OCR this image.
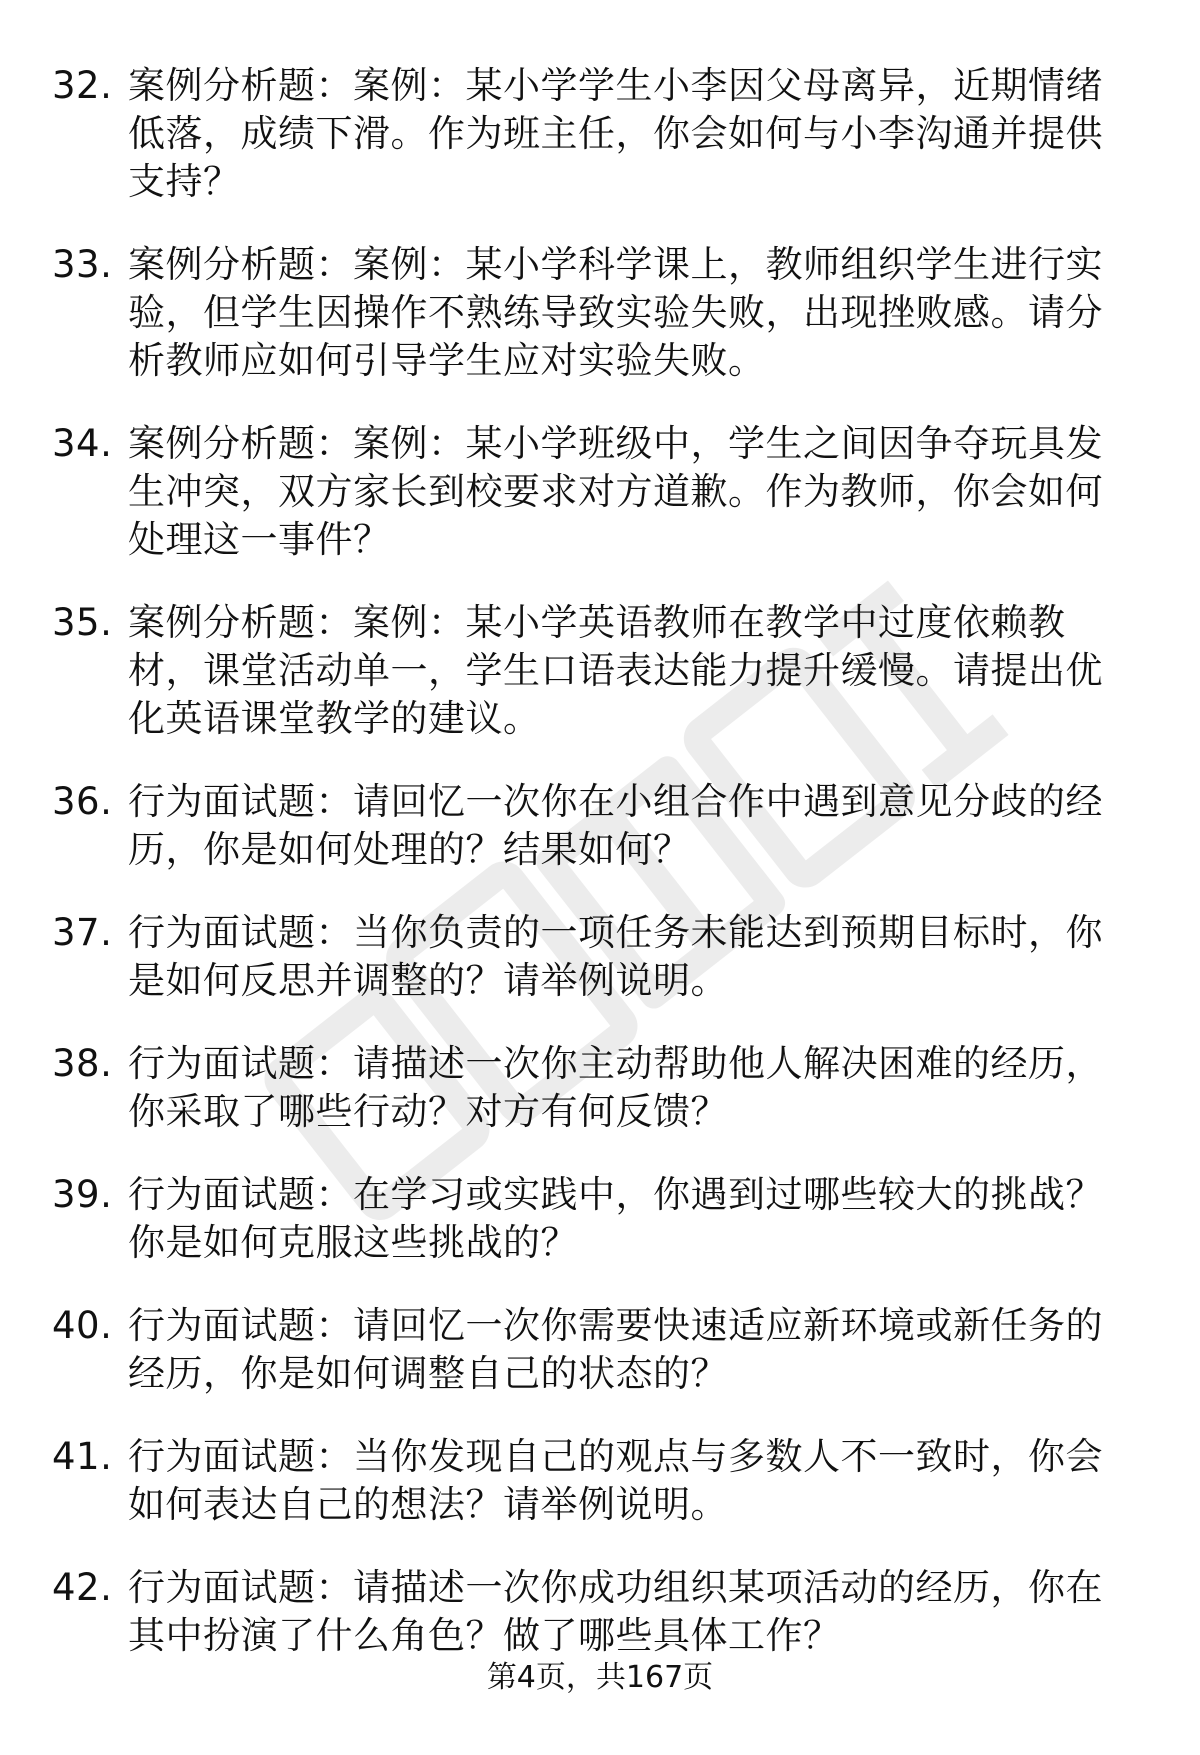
32. 案例分析题：案例：某小学学生小李因父母离异，近期情绪低落，成绩下滑。作为班主任，你会如何与小李沟通并提供支持？
33. 案例分析题：案例：某小学科学课上，教师组织学生进行实验，但学生因操作不熟练导致实验失败，出现挫败感。请分析教师应如何引导学生应对实验失败。
34. 案例分析题：案例：某小学班级中，学生之间因争夺玩具发生冲突，双方家长到校要求对方道歉。作为教师，你会如何处理这一事件？
35. 案例分析题：案例：某小学英语教师在教学中过度依赖教材，课堂活动单一，学生口语表达能力提升缓慢。请提出优化英语课堂教学的建议。
36. 行为面试题：请回忆一次你在小组合作中遇到意见分歧的经历，你是如何处理的？结果如何？
37. 行为面试题：当你负责的一项任务未能达到预期目标时，你是如何反思并调整的？请举例说明。
38. 行为面试题：请描述一次你主动帮助他人解决困难的经历，你采取了哪些行动？对方有何反馈？
39. 行为面试题：在学习或实践中，你遇到过哪些较大的挑战？你是如何克服这些挑战的？
40. 行为面试题：请回忆一次你需要快速适应新环境或新任务的经历，你是如何调整自己的状态的？
41. 行为面试题：当你发现自己的观点与多数人不一致时，你会如何表达自己的想法？请举例说明。
42. 行为面试题：请描述一次你成功组织某项活动的经历，你在其中扮演了什么角色？做了哪些具体工作？
第4页，共167页
